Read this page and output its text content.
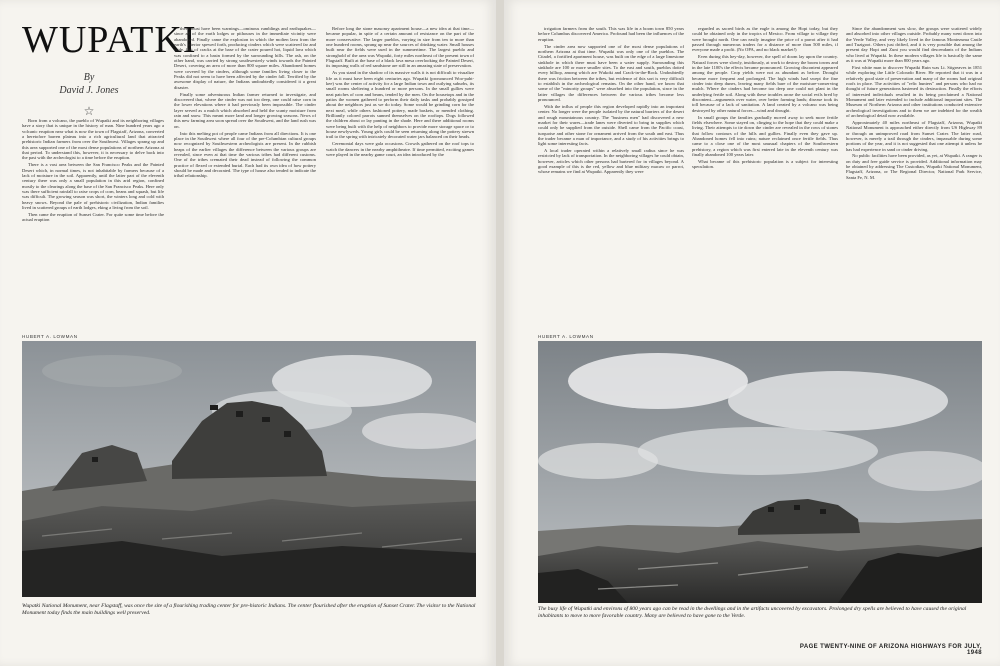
WUPATKI
By
David J. Jones
☆

Born from a volcano, the pueblo of Wupatki and its neighboring villages have a story that is unique in the history of man. Nine hundred years ago a volcanic eruption near what is now the town of Flagstaff, Arizona, converted a heretofore barren plateau into a rich agricultural land that attracted prehistoric Indian farmers from over the Southwest. Villages sprang up and this area supported one of the most dense populations of northern Arizona at that period. To understand this, however, it is necessary to delve back into the past with the archeologist to a time before the eruption.

There is a vast area between the San Francisco Peaks and the Painted Desert which, in normal times, is not inhabitable by farmers because of a lack of moisture in the soil. Apparently, until the latter part of the eleventh century there was only a small population in this arid region, confined mostly to the clearings along the base of the San Francisco Peaks. Here only was there sufficient rainfall to raise crops of corn, beans and squash, but life was difficult. The growing season was short, the winters long and cold with heavy snows. Beyond the pale of prehistoric civilization, Indian families lived in scattered groups of earth lodges, eking a living from the soil.

Then came the eruption of Sunset Crater. For quite some time before the actual eruption

there must have been warnings—ominous rumblings and earthquakes—since all of the earth lodges or pithouses in the immediate vicinity were abandoned. Finally came the explosion in which the molten lava from the earth's interior spewed forth, producing cinders which were scattered far and wide. Out of cracks at the base of the crater poured hot, liquid lava which was confined to a basin formed by the surrounding hills. The ash, on the other hand, was carried by strong southwesterly winds towards the Painted Desert, covering an area of more than 800 square miles. Abandoned homes were covered by the cinders, although some families living closer to the Peaks did not seem to have been affected by the cinder fall. Terrified by the awesome display of nature, the Indians undoubtedly considered it a great disaster.

Finally some adventurous Indian farmer returned to investigate, and discovered that, where the cinder was not too deep, one could raise corn in the lower elevations where it had previously been impossible. The cinder layer served as a mulch which absorbed and held the scanty moisture from rain and snow. This meant more land and longer growing seasons. News of this new farming area soon spread over the Southwest, and the land rush was on.

Into this melting pot of people came Indians from all directions. It is one place in the Southwest where all four of the pre-Columbian cultural groups now recognized by Southwestern archeologists are present. In the rubbish heaps of the earlier villages the difference between the various groups are revealed, since even at that time the various tribes had different customs. One of the tribes cremated their dead instead of following the common practice of flexed or extended burial. Each had its own idea of how pottery should be made and decorated. The type of house also tended to indicate the tribal relationship.

Before long the stone masonry apartment house—a new idea at that time—became popular, in spite of a certain amount of resistance on the part of the more conservative. The larger pueblos, varying in size from ten to more than one hundred rooms, sprang up near the sources of drinking water. Small houses built near the fields were used in the summertime. The largest pueblo and stronghold of the area was Wupatki, forty miles northeast of the present town of Flagstaff. Built at the base of a black lava mesa overlooking the Painted Desert, its imposing walls of red sandstone are still in an amazing state of preservation.

As you stand in the shadow of its massive walls it is not difficult to visualize life as it must have been eight centuries ago. Wupatki (pronounced Woo-paht-kee) was the center of activity for a large Indian town and outlying suburbs, its small rooms sheltering a hundred or more persons. In the small gullies were neat patches of corn and beans, tended by the men. On the housetops and in the patios the women gathered to perform their daily tasks and probably gossiped about the neighbors just as we do today. Some would be grinding corn for the next meal, while others fashioned pottery, made baskets, or mended clothing. Brilliantly colored parrots sunned themselves on the rooftops. Dogs followed the children about or lay panting in the shade. Here and there additional rooms were being built with the help of neighbors to provide more storage space or to house newlyweds. Young girls could be seen returning along the pottery strewn trail to the spring with intricately decorated water jars balanced on their heads.

Ceremonial days were gala occasions. Crowds gathered on the roof tops to watch the dancers in the nearby amphitheatre. If time permitted, exciting games were played in the nearby game court, an idea introduced by the

HUBERT A. LOWMAN
Wupatki National Monument, near Flagstaff, was once the site of a flourishing trading center for pre-historic Indians. The center flourished after the eruption of Sunset Crater. The visitor to the National Monument today finds the main buildings well preserved.

irrigation farmers from the south. This was life in a boom town 850 years before Columbus discovered America. Profound had been the influences of the eruption.

The cinder area now supported one of the most dense populations of northern Arizona at that time. Wupatki was only one of the pueblos. The Citadel, a fortified apartment house, was built on the edge of a large limestone sinkhole in which there must have been a water supply. Surrounding this sinkhole are 100 or more smaller sites. To the east and south, pueblos dotted every hilltop, among which are Wukoki and Crack-in-the-Rock. Undoubtedly there was friction between the tribes, but evidence of this sort is very difficult to establish in the archeological remains. On the other hand, we know that some of the "minority groups" were absorbed into the population, since in the latter villages the differences between the various tribes become less pronounced.

With the influx of people this region developed rapidly into an important center. No longer were the people isolated by the natural barriers of the desert and rough mountainous country. The "business men" had discovered a new market for their wares—trade lanes were diverted to bring in supplies which could only be supplied from the outside. Shell came from the Pacific coast, turquoise and other stone for ornament arrived from the south and east. Thus the trader became a man of importance, and a study of his activities brings to light some interesting facts.

A local trader operated within a relatively small radius since he was restricted by lack of transportation. In the neighboring villages he could obtain, however, articles which other persons had bartered for in villages beyond. A good example of this is the red, yellow and blue military macaw or parrot, whose remains we find at Wupatki. Apparently they were

regarded as sacred birds as the eagle is among the Hopi today, but they could be obtained only in the tropics of Mexico. From village to village they were brought north. One can easily imagine the price of a parrot after it had passed through numerous traders for a distance of more than 500 miles, if everyone made a profit. (No OPA, and no black market!)

Even during this hey-day, however, the spell of doom lay upon the country. Natural forces were slowly, insidiously, at work to destroy the boom towns and in the late 1100's the effects became pronounced. Growing discontent appeared among the people. Crop yields were not as abundant as before. Drought became more frequent and prolonged. The high winds had swept the fine cinder into deep dunes, leaving many fields bare of the moisture-conserving mulch. Where the cinders had become too deep one could not plant in the underlying fertile soil. Along with these troubles arose the social evils bred by discontent—arguments over water, over better farming lands; disease took its toll because of a lack of sanitation. A land created by a volcano was being destroyed by other natural forces—wind and drought.

In small groups the families gradually moved away to seek more fertile fields elsewhere. Some stayed on, clinging to the hope that they could make a living. Their attempts to tie down the cinder are revealed in the rows of stones that follow contours of the hills and gullies. Finally even they gave up. Abandoned homes fell into ruins; nature reclaimed once fertile fields. Thus came to a close one of the most unusual chapters of the Southwestern prehistory, a region which was first entered late in the eleventh century was finally abandoned 100 years later.

What became of this prehistoric population is a subject for interesting speculation.

Since the abandonment was slow, the groups were scattered widely and absorbed into other villages outside. Probably many went down into the Verde Valley, and very likely lived in the famous Montezuma Castle and Tuzigoot. Others just drifted, and it is very possible that among the present day Hopi and Zuni you would find descendants of the Indians who lived at Wupatki. In these modern villages life is basically the same as it was at Wupatki more than 800 years ago.

First white man to discover Wupatki Ruin was Lt. Sitgreaves in 1851 while exploring the Little Colorado River. He reported that it was in a relatively good state of preservation and many of the rooms had original roofs in place. The activities of "relic hunters" and persons who had no thought of future generations hastened its destruction. Finally the efforts of interested individuals resulted in its being proclaimed a National Monument and later extended to include additional important sites. The Museum of Northern Arizona and other institutions conducted extensive archeological investigations and to them we are indebted for the wealth of archeological detail now available.

Approximately 40 miles northeast of Flagstaff, Arizona, Wupatki National Monument is approached either directly from US Highway 89 or through an unimproved road from Sunset Crater. The latter road, however, is merely a trail through the cinders, impassable during some portions of the year, and it is not suggested that one attempt it unless he has had experience in sand or cinder driving.

No public facilities have been provided, as yet, at Wupatki. A ranger is on duty and free guide service is provided. Additional information may be obtained by addressing The Custodian, Wupatki National Monument, Flagstaff, Arizona, or The Regional Director, National Park Service, Santa Fe, N. M.

HUBERT A. LOWMAN
The busy life of Wupatki and environs of 800 years ago can be read in the dwellings and in the artifacts uncovered by excavators. Prolonged dry spells are believed to have caused the original inhabitants to move to more favorable country. Many are believed to have gone to the Verde.
PAGE TWENTY-NINE OF ARIZONA HIGHWAYS FOR JULY, 1948
